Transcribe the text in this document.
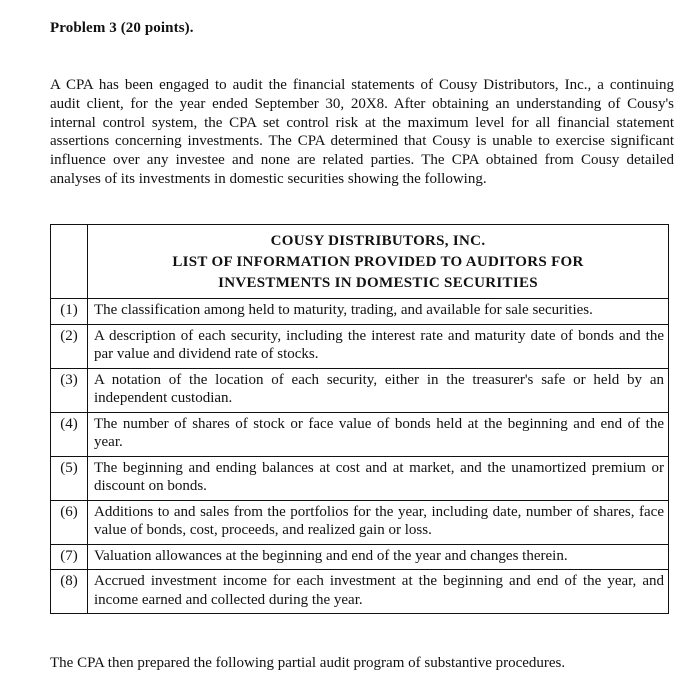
Problem 3 (20 points).
A CPA has been engaged to audit the financial statements of Cousy Distributors, Inc., a continuing audit client, for the year ended September 30, 20X8. After obtaining an understanding of Cousy's internal control system, the CPA set control risk at the maximum level for all financial statement assertions concerning investments. The CPA determined that Cousy is unable to exercise significant influence over any investee and none are related parties. The CPA obtained from Cousy detailed analyses of its investments in domestic securities showing the following.

	COUSY DISTRIBUTORS, INC.
LIST OF INFORMATION PROVIDED TO AUDITORS FOR
INVESTMENTS IN DOMESTIC SECURITIES

(1)	The classification among held to maturity, trading, and available for sale securities.
(2)	A description of each security, including the interest rate and maturity date of bonds and the par value and dividend rate of stocks.
(3)	A notation of the location of each security, either in the treasurer's safe or held by an independent custodian.
(4)	The number of shares of stock or face value of bonds held at the beginning and end of the year.
(5)	The beginning and ending balances at cost and at market, and the unamortized premium or discount on bonds.
(6)	Additions to and sales from the portfolios for the year, including date, number of shares, face value of bonds, cost, proceeds, and realized gain or loss.
(7)	Valuation allowances at the beginning and end of the year and changes therein.
(8)	Accrued investment income for each investment at the beginning and end of the year, and income earned and collected during the year.
The CPA then prepared the following partial audit program of substantive procedures.
